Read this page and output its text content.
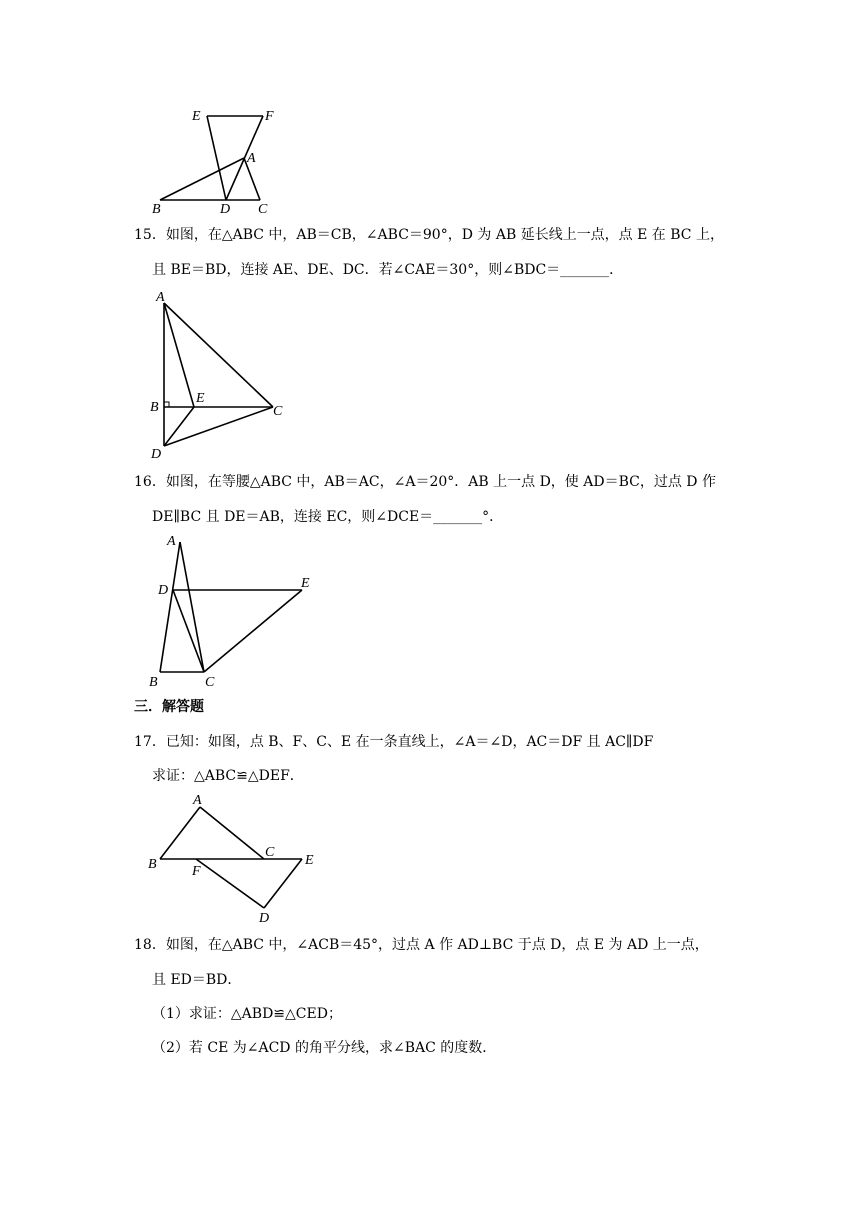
E	F
A
B	D C
A
B
E
C
D
A
D	E
B	C
A
B	F
C
E
D
15．如图，在△ABC 中，AB＝CB，∠ABC＝90°，D 为 AB 延长线上一点，点 E 在 BC 上，
且 BE＝BD，连接 AE、DE、DC．若∠CAE＝30°，则∠BDC＝_______．
16．如图，在等腰△ABC 中，AB＝AC，∠A＝20°．AB 上一点 D，使 AD＝BC，过点 D 作
DE∥BC 且 DE＝AB，连接 EC，则∠DCE＝_______°．
三．解答题
17．已知：如图，点 B、F、C、E 在一条直线上，∠A＝∠D，AC＝DF 且 AC∥DF
求证：△ABC≌△DEF．
18．如图，在△ABC 中，∠ACB＝45°，过点 A 作 AD⊥BC 于点 D，点 E 为 AD 上一点，
且 ED＝BD．
（1）求证：△ABD≌△CED；
（2）若 CE 为∠ACD 的角平分线，求∠BAC 的度数．
